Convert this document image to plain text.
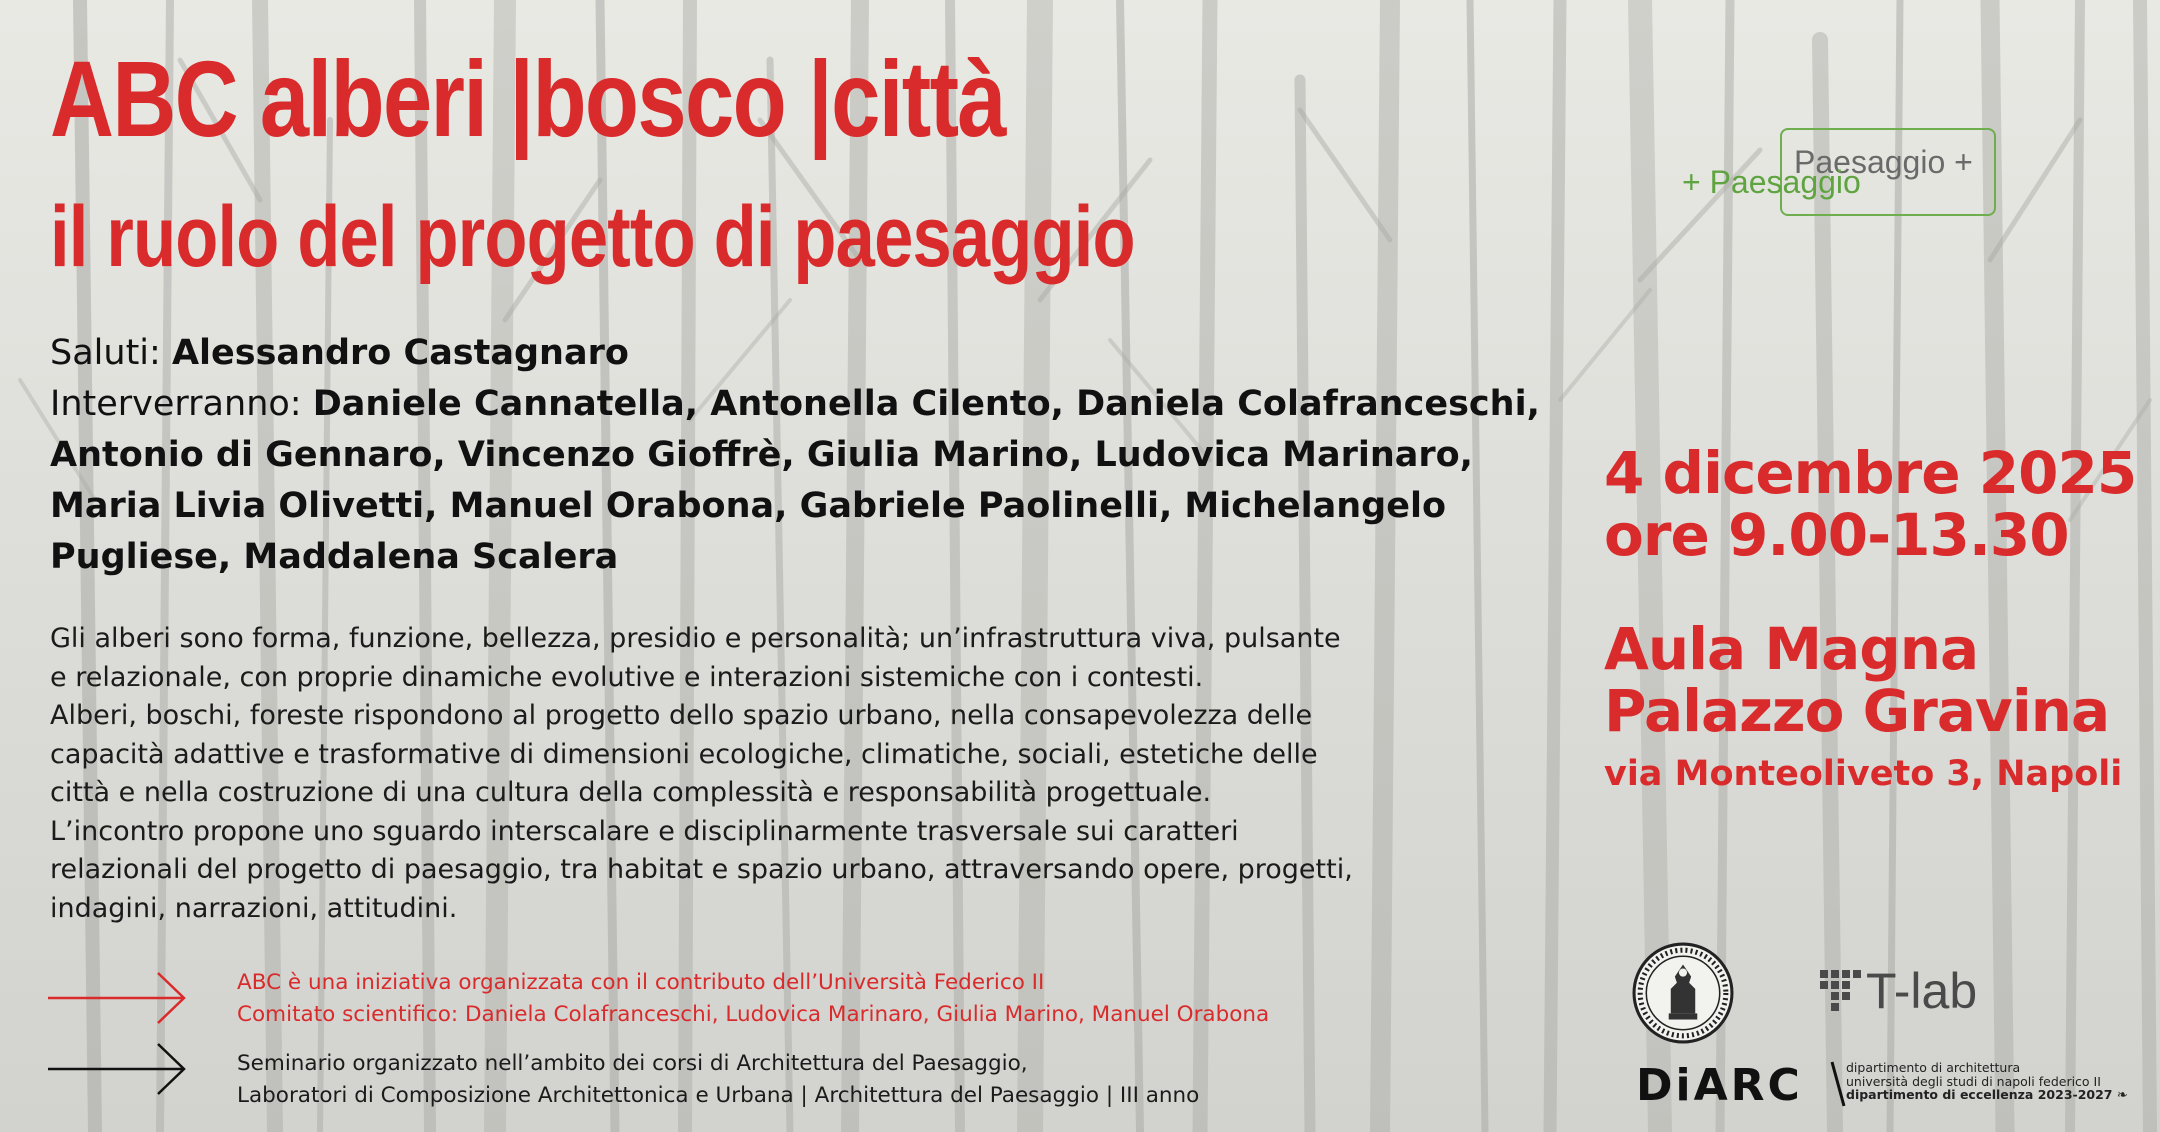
ABC alberi |bosco |città
il ruolo del progetto di paesaggio
Saluti: Alessandro Castagnaro
Interverranno: Daniele Cannatella, Antonella Cilento, Daniela Colafranceschi, Antonio di Gennaro, Vincenzo Gioffrè, Giulia Marino, Ludovica Marinaro, Maria Livia Olivetti, Manuel Orabona, Gabriele Paolinelli, Michelangelo Pugliese, Maddalena Scalera

Gli alberi sono forma, funzione, bellezza, presidio e personalità; un’infrastruttura viva, pulsante

e relazionale, con proprie dinamiche evolutive e interazioni sistemiche con i contesti.

Alberi, boschi, foreste rispondono al progetto dello spazio urbano, nella consapevolezza delle

capacità adattive e trasformative di dimensioni ecologiche, climatiche, sociali, estetiche delle

città e nella costruzione di una cultura della complessità e responsabilità progettuale.

L’incontro propone uno sguardo interscalare e disciplinarmente trasversale sui caratteri

relazionali del progetto di paesaggio, tra habitat e spazio urbano, attraversando opere, progetti,

indagini, narrazioni, attitudini.

ABC è una iniziativa organizzata con il contributo dell’Università Federico II
Comitato scientifico: Daniela Colafranceschi, Ludovica Marinaro, Giulia Marino, Manuel Orabona
Seminario organizzato nell’ambito dei corsi di Architettura del Paesaggio,
Laboratori di Composizione Architettonica e Urbana | Architettura del Paesaggio | III anno
Paesaggio +
+ Paesaggio
4 dicembre 2025
ore 9.00-13.30
Aula Magna
Palazzo Gravina
via Monteoliveto 3, Napoli
T-lab
DiARC	dipartimento di architettura
università degli studi di napoli federico II
dipartimento di eccellenza 2023-2027 ❧
